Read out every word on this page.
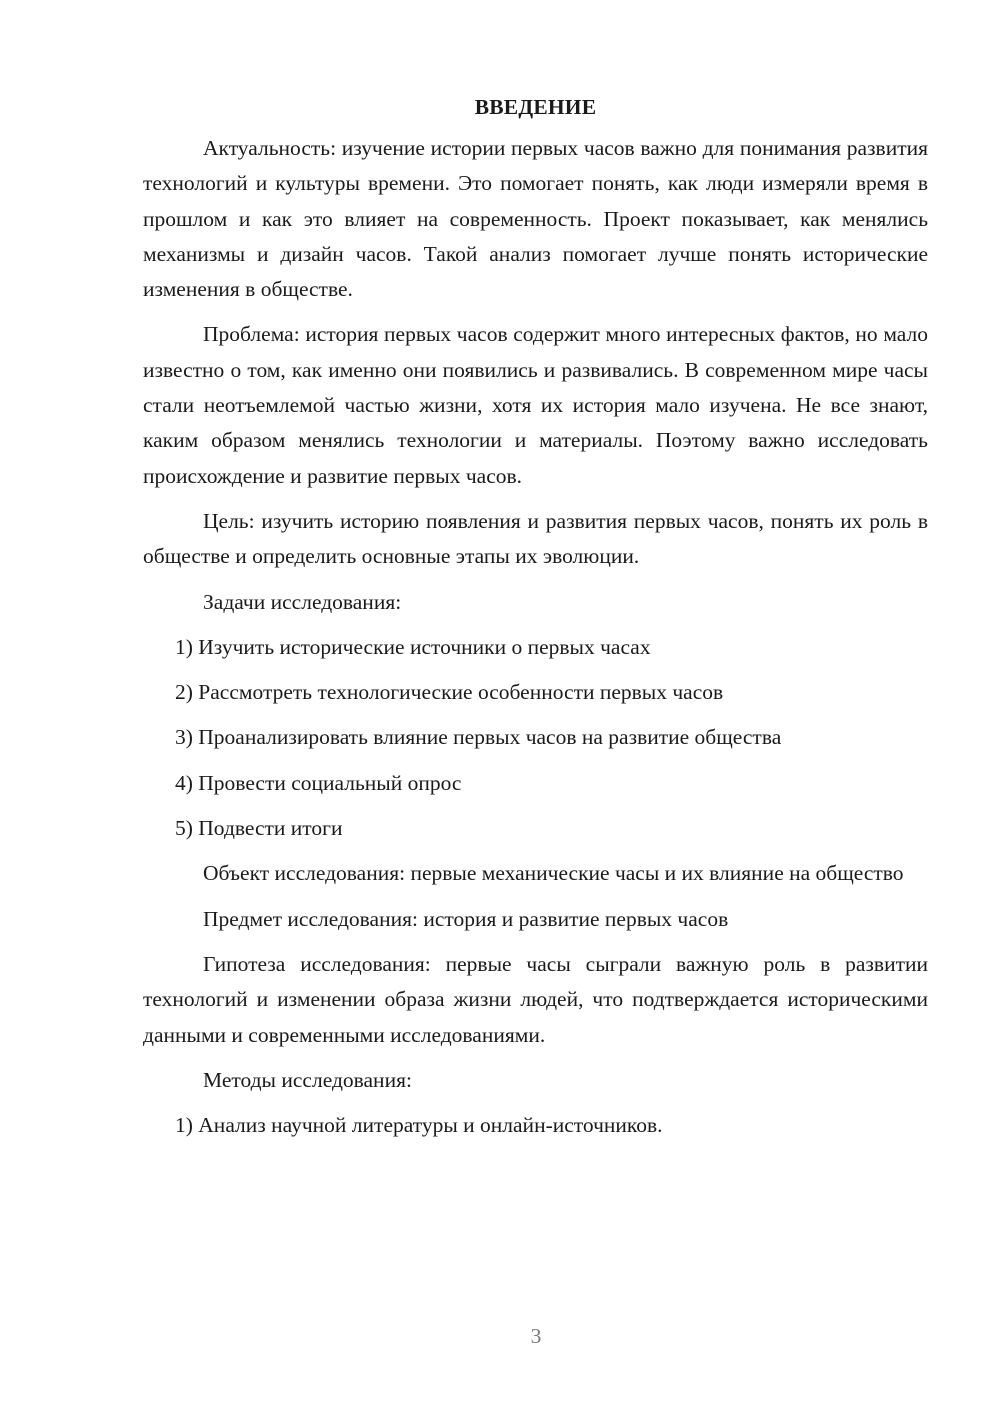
ВВЕДЕНИЕ

Актуальность: изучение истории первых часов важно для понимания развития технологий и культуры времени. Это помогает понять, как люди измеряли время в прошлом и как это влияет на современность. Проект показывает, как менялись механизмы и дизайн часов. Такой анализ помогает лучше понять исторические изменения в обществе.

Проблема: история первых часов содержит много интересных фактов, но мало известно о том, как именно они появились и развивались. В современном мире часы стали неотъемлемой частью жизни, хотя их история мало изучена. Не все знают, каким образом менялись технологии и материалы. Поэтому важно исследовать происхождение и развитие первых часов.

Цель: изучить историю появления и развития первых часов, понять их роль в обществе и определить основные этапы их эволюции.

Задачи исследования:

1) Изучить исторические источники о первых часах
2) Рассмотреть технологические особенности первых часов
3) Проанализировать влияние первых часов на развитие общества
4) Провести социальный опрос
5) Подвести итоги

Объект исследования: первые механические часы и их влияние на общество

Предмет исследования: история и развитие первых часов

Гипотеза исследования: первые часы сыграли важную роль в развитии технологий и изменении образа жизни людей, что подтверждается историческими данными и современными исследованиями.

Методы исследования:

1) Анализ научной литературы и онлайн-источников.
3
